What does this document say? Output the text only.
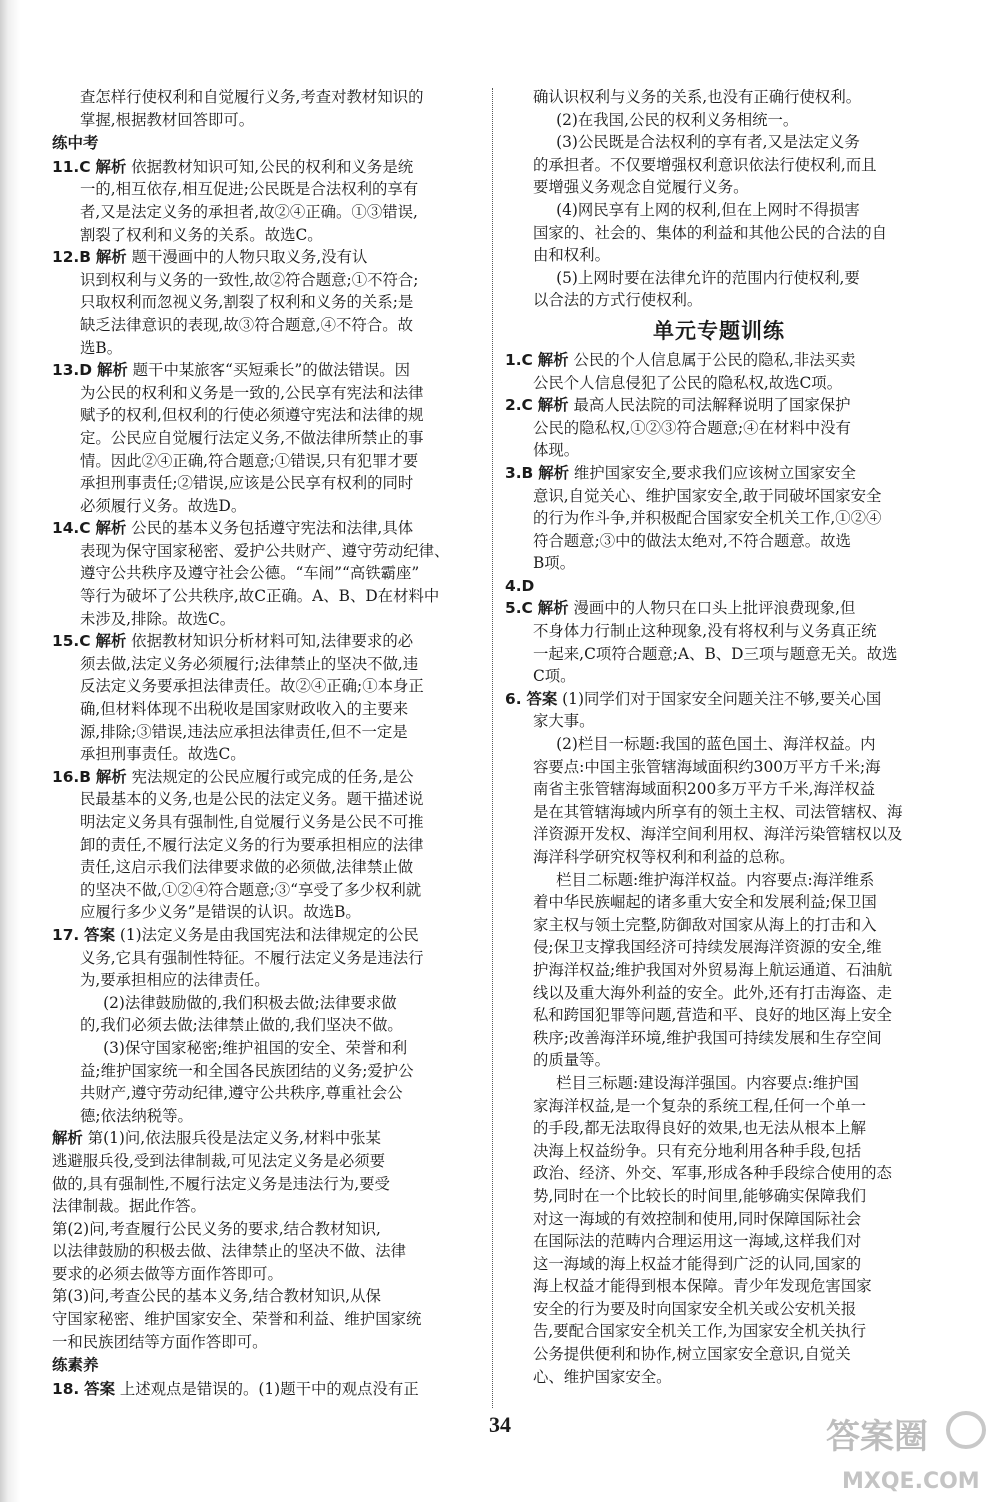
查怎样行使权利和自觉履行义务,考查对教材知识的
掌握,根据教材回答即可。

练中考

11.C 解析 依据教材知识可知,公民的权利和义务是统
一的,相互依存,相互促进;公民既是合法权利的享有
者,又是法定义务的承担者,故②④正确。①③错误,
割裂了权利和义务的关系。故选C。

12.B 解析 题干漫画中的人物只取义务,没有认
识到权利与义务的一致性,故②符合题意;①不符合;
只取权利而忽视义务,割裂了权利和义务的关系;是
缺乏法律意识的表现,故③符合题意,④不符合。故
选B。

13.D 解析 题干中某旅客“买短乘长”的做法错误。因
为公民的权利和义务是一致的,公民享有宪法和法律
赋予的权利,但权利的行使必须遵守宪法和法律的规
定。公民应自觉履行法定义务,不做法律所禁止的事
情。因此②④正确,符合题意;①错误,只有犯罪才要
承担刑事责任;②错误,应该是公民享有权利的同时
必须履行义务。故选D。

14.C 解析 公民的基本义务包括遵守宪法和法律,具体
表现为保守国家秘密、爱护公共财产、遵守劳动纪律、
遵守公共秩序及遵守社会公德。“车闹”“高铁霸座”
等行为破坏了公共秩序,故C正确。A、B、D在材料中
未涉及,排除。故选C。

15.C 解析 依据教材知识分析材料可知,法律要求的必
须去做,法定义务必须履行;法律禁止的坚决不做,违
反法定义务要承担法律责任。故②④正确;①本身正
确,但材料体现不出税收是国家财政收入的主要来
源,排除;③错误,违法应承担法律责任,但不一定是
承担刑事责任。故选C。

16.B 解析 宪法规定的公民应履行或完成的任务,是公
民最基本的义务,也是公民的法定义务。题干描述说
明法定义务具有强制性,自觉履行义务是公民不可推
卸的责任,不履行法定义务的行为要承担相应的法律
责任,这启示我们法律要求做的必须做,法律禁止做
的坚决不做,①②④符合题意;③“享受了多少权利就
应履行多少义务”是错误的认识。故选B。

17. 答案 (1)法定义务是由我国宪法和法律规定的公民
义务,它具有强制性特征。不履行法定义务是违法行
为,要承担相应的法律责任。

(2)法律鼓励做的,我们积极去做;法律要求做
的,我们必须去做;法律禁止做的,我们坚决不做。

(3)保守国家秘密;维护祖国的安全、荣誉和利
益;维护国家统一和全国各民族团结的义务;爱护公
共财产,遵守劳动纪律,遵守公共秩序,尊重社会公
德;依法纳税等。

解析 第(1)问,依法服兵役是法定义务,材料中张某
逃避服兵役,受到法律制裁,可见法定义务是必须要
做的,具有强制性,不履行法定义务是违法行为,要受
法律制裁。据此作答。

第(2)问,考查履行公民义务的要求,结合教材知识,
以法律鼓励的积极去做、法律禁止的坚决不做、法律
要求的必须去做等方面作答即可。

第(3)问,考查公民的基本义务,结合教材知识,从保
守国家秘密、维护国家安全、荣誉和利益、维护国家统
一和民族团结等方面作答即可。

练素养

18. 答案 上述观点是错误的。(1)题干中的观点没有正

确认识权利与义务的关系,也没有正确行使权利。

(2)在我国,公民的权利义务相统一。

(3)公民既是合法权利的享有者,又是法定义务
的承担者。不仅要增强权利意识依法行使权利,而且
要增强义务观念自觉履行义务。

(4)网民享有上网的权利,但在上网时不得损害
国家的、社会的、集体的利益和其他公民的合法的自
由和权利。

(5)上网时要在法律允许的范围内行使权利,要
以合法的方式行使权利。

单元专题训练

1.C 解析 公民的个人信息属于公民的隐私,非法买卖
公民个人信息侵犯了公民的隐私权,故选C项。

2.C 解析 最高人民法院的司法解释说明了国家保护
公民的隐私权,①②③符合题意;④在材料中没有
体现。

3.B 解析 维护国家安全,要求我们应该树立国家安全
意识,自觉关心、维护国家安全,敢于同破坏国家安全
的行为作斗争,并积极配合国家安全机关工作,①②④
符合题意;③中的做法太绝对,不符合题意。故选
B项。

4.D

5.C 解析 漫画中的人物只在口头上批评浪费现象,但
不身体力行制止这种现象,没有将权利与义务真正统
一起来,C项符合题意;A、B、D三项与题意无关。故选
C项。

6. 答案 (1)同学们对于国家安全问题关注不够,要关心国
家大事。

(2)栏目一标题:我国的蓝色国土、海洋权益。内
容要点:中国主张管辖海域面积约300万平方千米;海
南省主张管辖海域面积200多万平方千米,海洋权益
是在其管辖海域内所享有的领土主权、司法管辖权、海
洋资源开发权、海洋空间利用权、海洋污染管辖权以及
海洋科学研究权等权利和利益的总称。

栏目二标题:维护海洋权益。内容要点:海洋维系
着中华民族崛起的诸多重大安全和发展利益;保卫国
家主权与领土完整,防御敌对国家从海上的打击和入
侵;保卫支撑我国经济可持续发展海洋资源的安全,维
护海洋权益;维护我国对外贸易海上航运通道、石油航
线以及重大海外利益的安全。此外,还有打击海盗、走
私和跨国犯罪等问题,营造和平、良好的地区海上安全
秩序;改善海洋环境,维护我国可持续发展和生存空间
的质量等。

栏目三标题:建设海洋强国。内容要点:维护国
家海洋权益,是一个复杂的系统工程,任何一个单一
的手段,都无法取得良好的效果,也无法从根本上解
决海上权益纷争。只有充分地利用各种手段,包括
政治、经济、外交、军事,形成各种手段综合使用的态
势,同时在一个比较长的时间里,能够确实保障我们
对这一海域的有效控制和使用,同时保障国际社会
在国际法的范畴内合理运用这一海域,这样我们对
这一海域的海上权益才能得到广泛的认同,国家的
海上权益才能得到根本保障。青少年发现危害国家
安全的行为要及时向国家安全机关或公安机关报
告,要配合国家安全机关工作,为国家安全机关执行
公务提供便利和协作,树立国家安全意识,自觉关
心、维护国家安全。

34	答案圈
MXQE.COM
